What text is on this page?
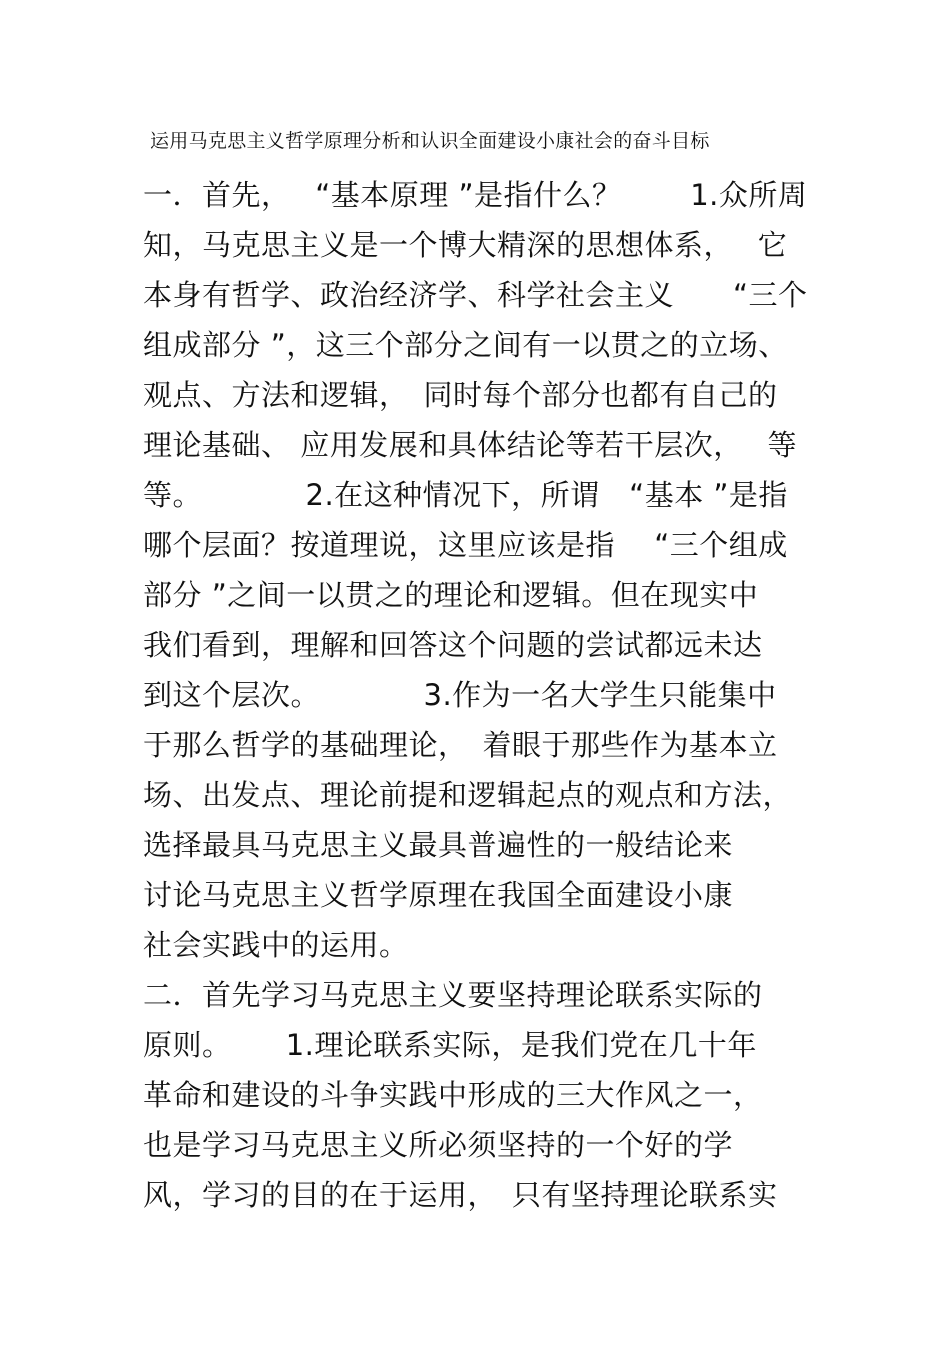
运用马克思主义哲学原理分析和认识全面建设小康社会的奋斗目标
一．首先，　 “基本原理 ”是指什么？　　 1.众所周
知，马克思主义是一个博大精深的思想体系，　 它
本身有哲学、政治经济学、科学社会主义　　“三个
组成部分 ”，这三个部分之间有一以贯之的立场、
观点、方法和逻辑，　同时每个部分也都有自己的
理论基础、 应用发展和具体结论等若干层次，　 等
等。　　　　2.在这种情况下，所谓　“基本 ”是指
哪个层面？按道理说，这里应该是指　 “三个组成
部分 ”之间一以贯之的理论和逻辑。但在现实中
我们看到，理解和回答这个问题的尝试都远未达
到这个层次。　　　　3.作为一名大学生只能集中
于那么哲学的基础理论，　着眼于那些作为基本立
场、出发点、理论前提和逻辑起点的观点和方法，
选择最具马克思主义最具普遍性的一般结论来
讨论马克思主义哲学原理在我国全面建设小康
社会实践中的运用。
二．首先学习马克思主义要坚持理论联系实际的
原则。　　 1.理论联系实际，是我们党在几十年
革命和建设的斗争实践中形成的三大作风之一，
也是学习马克思主义所必须坚持的一个好的学
风，学习的目的在于运用，　只有坚持理论联系实
